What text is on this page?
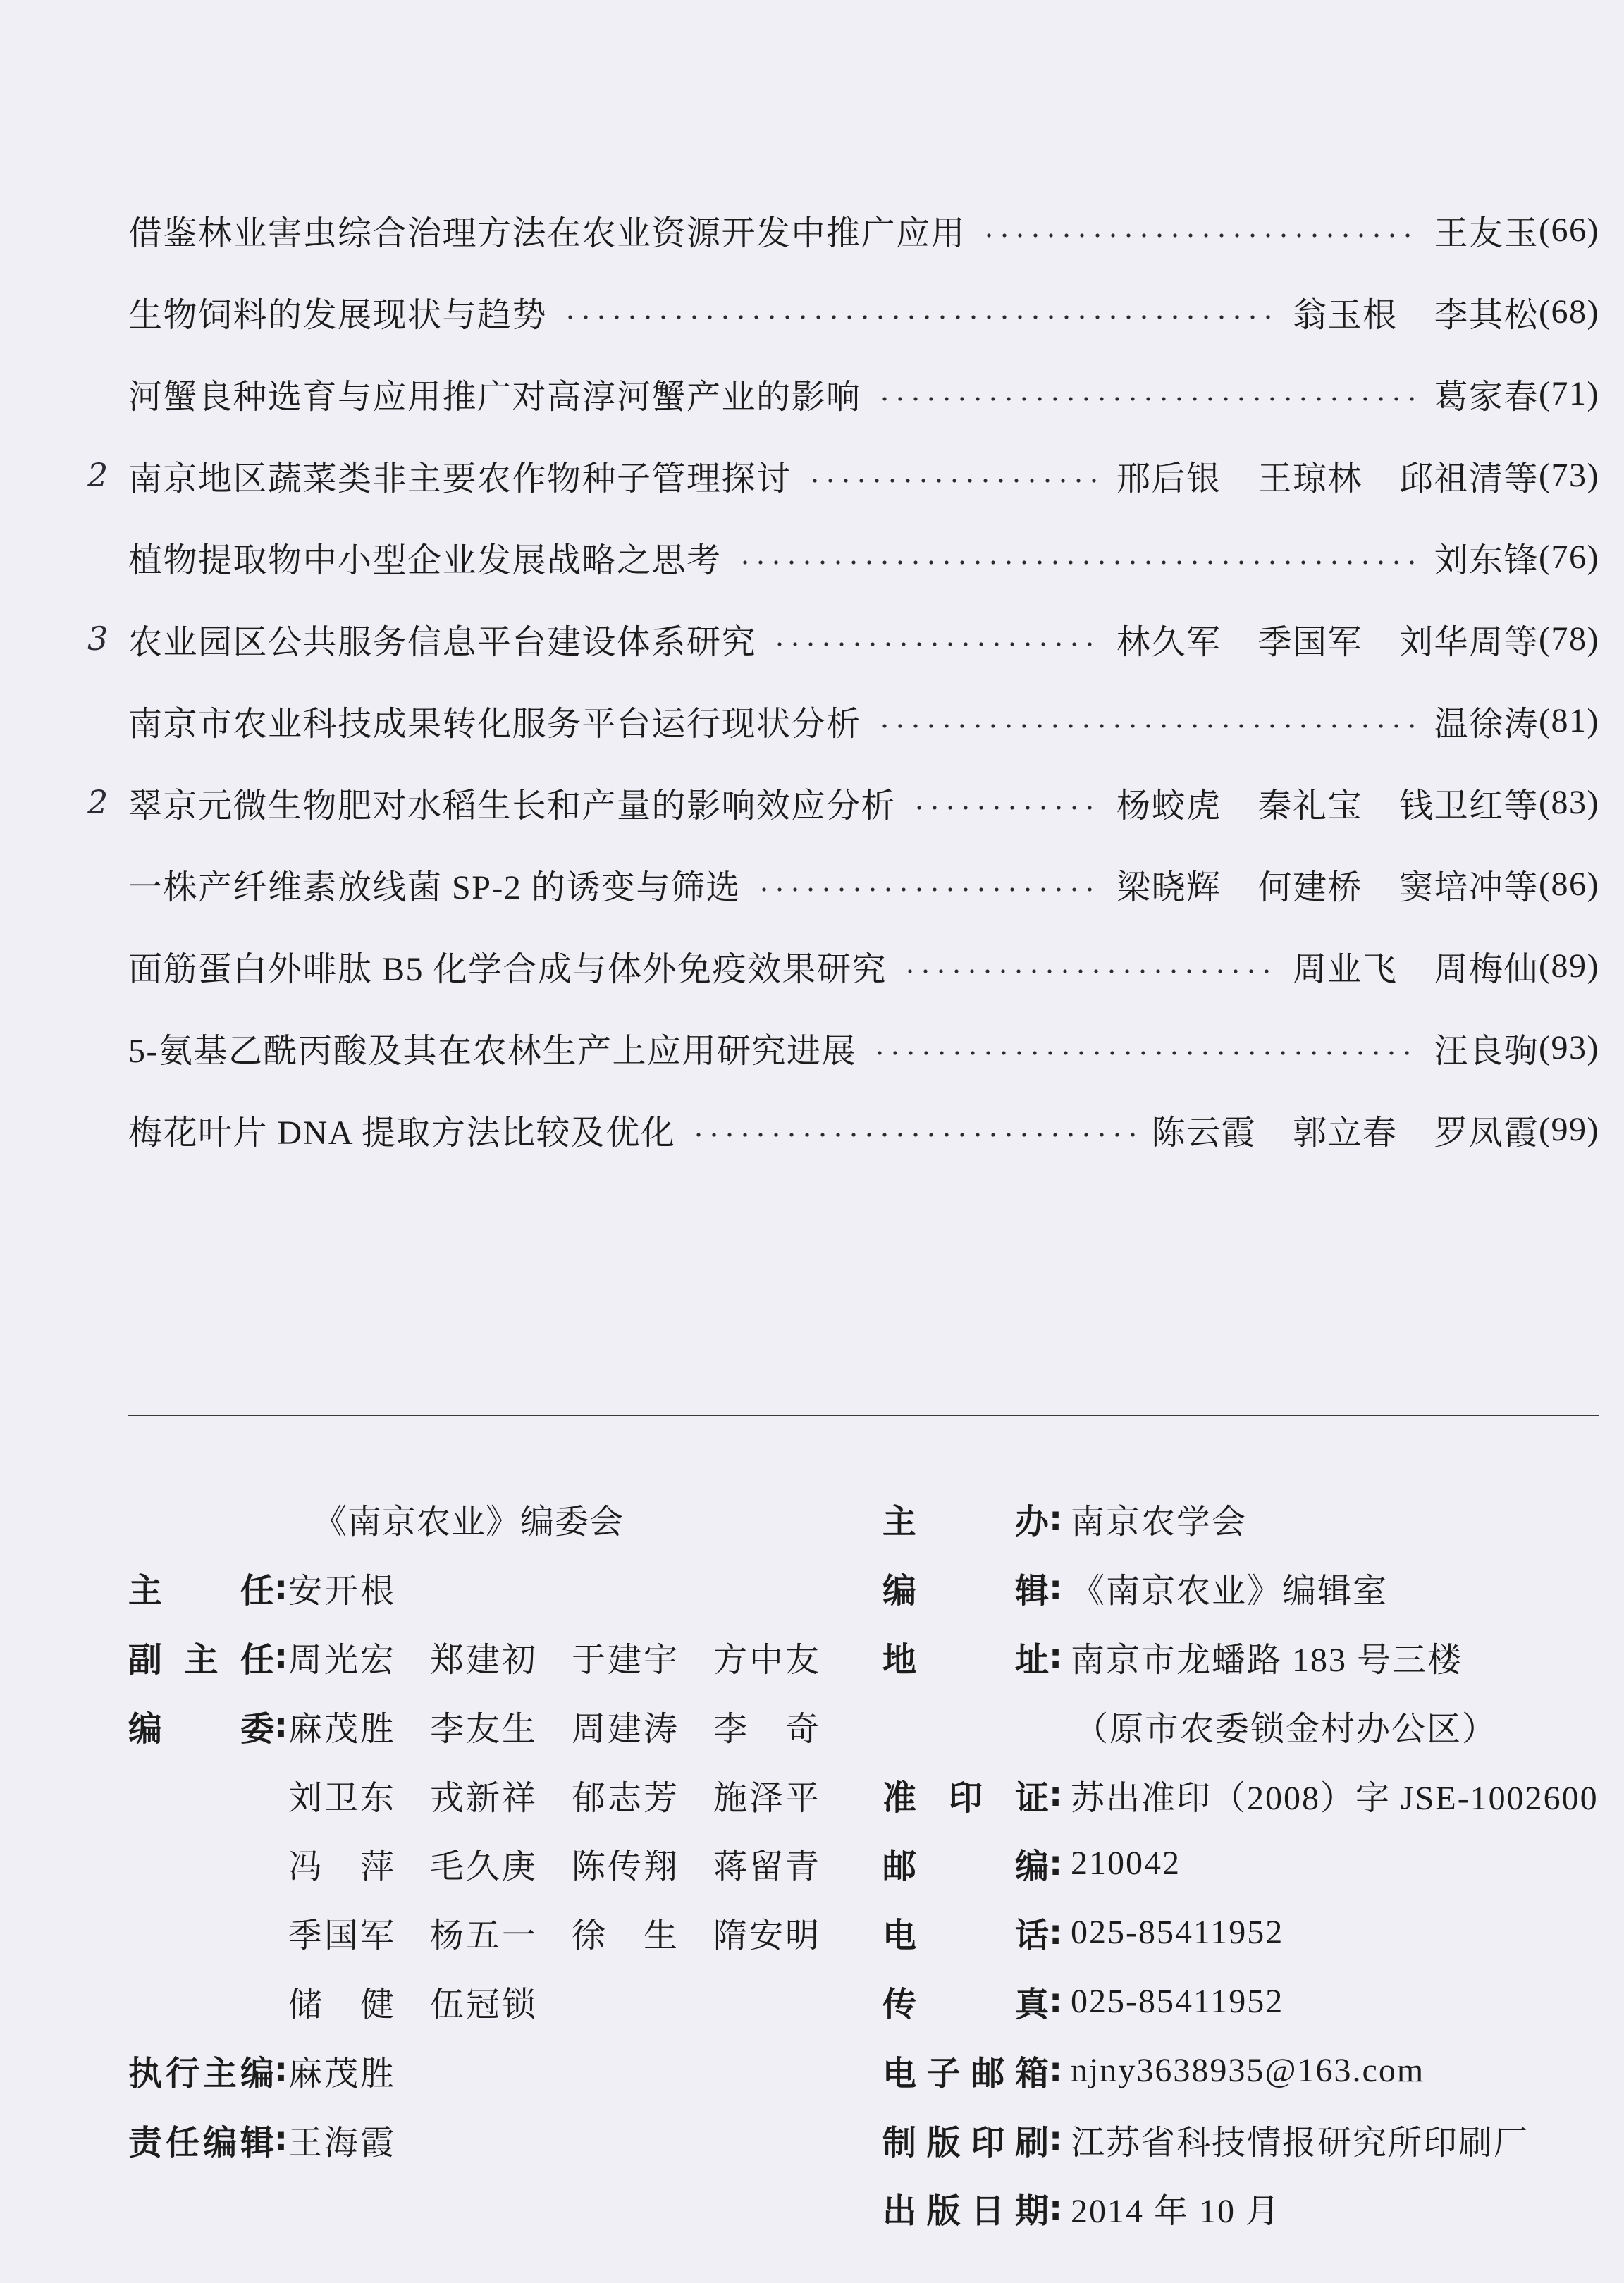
借鉴林业害虫综合治理方法在农业资源开发中推广应用	王友玉 (66)
生物饲料的发展现状与趋势	翁玉根 李其松 (68)
河蟹良种选育与应用推广对高淳河蟹产业的影响	葛家春 (71)
2 南京地区蔬菜类非主要农作物种子管理探讨	邢后银 王琼林 邱祖清等 (73)
植物提取物中小型企业发展战略之思考	刘东锋 (76)
3 农业园区公共服务信息平台建设体系研究	林久军 季国军 刘华周等 (78)
南京市农业科技成果转化服务平台运行现状分析	温徐涛 (81)
2 翠京元微生物肥对水稻生长和产量的影响效应分析	杨蛟虎 秦礼宝 钱卫红等 (83)
一株产纤维素放线菌 SP-2 的诱变与筛选	梁晓辉 何建桥 窦培冲等 (86)
面筋蛋白外啡肽 B5 化学合成与体外免疫效果研究	周业飞 周梅仙 (89)
5-氨基乙酰丙酸及其在农林生产上应用研究进展	汪良驹 (93)
梅花叶片 DNA 提取方法比较及优化	陈云霞 郭立春 罗凤霞 (99)
《南京农业》编委会
主 任 : 安 开 根
副 主 任 : 周 光 宏 郑 建 初 于 建 宇 方 中 友
编 委 : 麻 茂 胜 李 友 生 周 建 涛 李 奇
刘 卫 东 戎 新 祥 郁 志 芳 施 泽 平
冯 萍 毛 久 庚 陈 传 翔 蒋 留 青
季 国 军 杨 五 一 徐 生 隋 安 明
储 健 伍 冠 锁
执 行 主 编 : 麻 茂 胜
责 任 编 辑 : 王 海 霞
主	办 : 南京农学会
编	辑 : 《南京农业》编辑室
地	址 : 南京市龙蟠路 183 号三楼
（原市农委锁金村办公区）
准 印 证 : 苏出准印（2008）字 JSE-1002600
邮	编 : 210042
电	话 : 025-85411952
传	真 : 025-85411952
电 子 邮 箱 : njny3638935@163.com
制 版 印 刷 : 江苏省科技情报研究所印刷厂
出 版 日 期 : 2014 年 10 月
